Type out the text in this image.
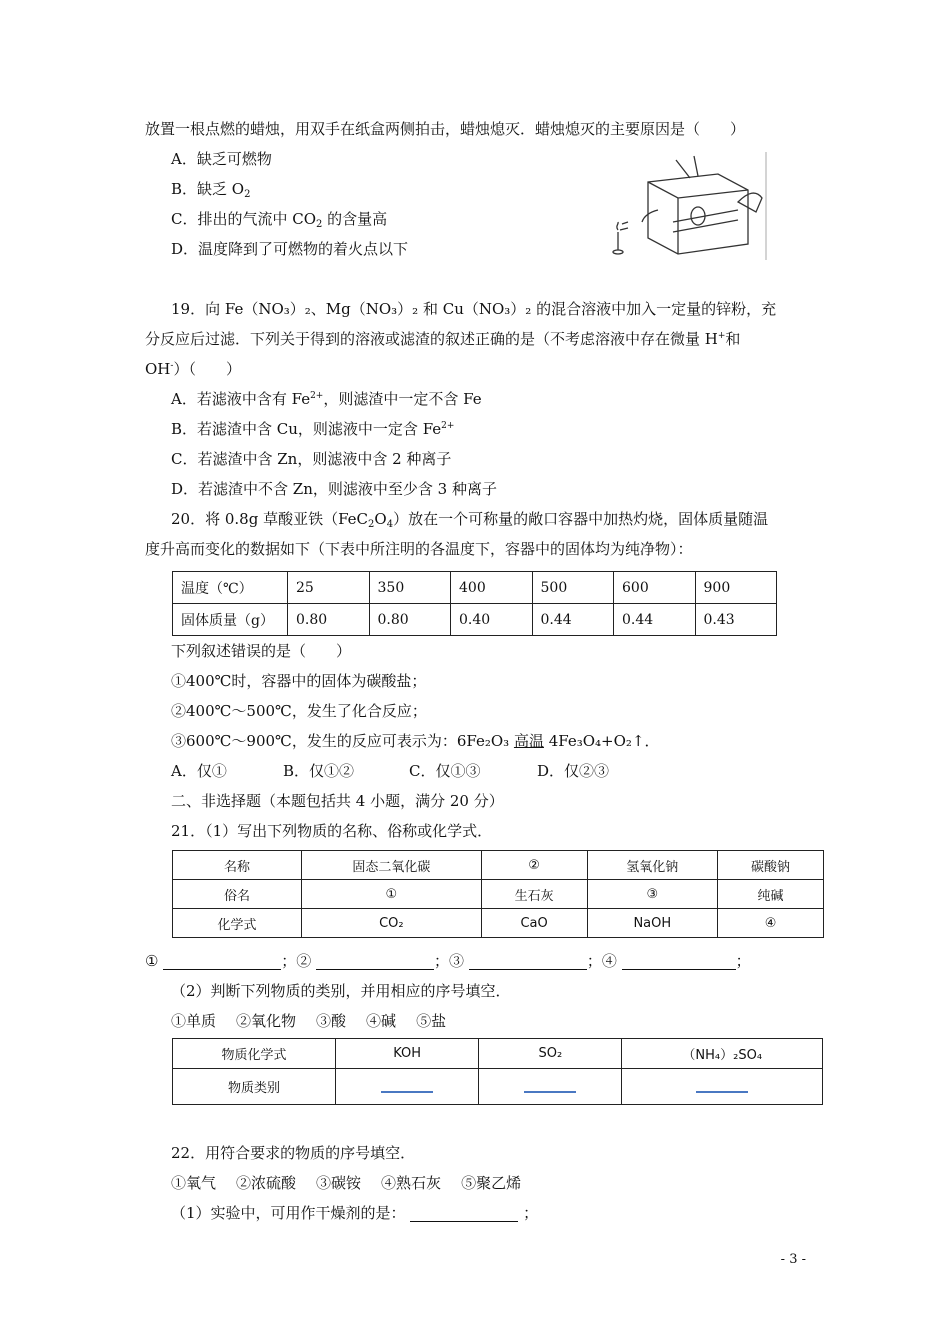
放置一根点燃的蜡烛，用双手在纸盒两侧拍击，蜡烛熄灭．蜡烛熄灭的主要原因是（　　）
A．缺乏可燃物
B．缺乏 $O_2$
C．排出的气流中 $CO_2$ 的含量高
D．温度降到了可燃物的着火点以下
19．向 Fe（NO₃）₂、Mg（NO₃）₂ 和 Cu（NO₃）₂ 的混合溶液中加入一定量的锌粉，充
分反应后过滤．下列关于得到的溶液或滤渣的叙述正确的是（不考虑溶液中存在微量 H+和
OH-）（　　）
A．若滤液中含有 $Fe^{2+}$，则滤渣中一定不含 Fe
B．若滤渣中含 Cu，则滤液中一定含 $Fe^{2+}$
C．若滤渣中含 Zn，则滤液中含 2 种离子
D．若滤渣中不含 Zn，则滤液中至少含 3 种离子
20．将 0.8g 草酸亚铁$(FeC_2O_4)$放在一个可称量的敞口容器中加热灼烧，固体质量随温
度升高而变化的数据如下（下表中所注明的各温度下，容器中的固体均为纯净物）：
温度（℃）	25	350	400	500	600	900
固体质量（g）	0.80	0.80	0.40	0.44	0.44	0.43
下列叙述错误的是（　　）
①400℃时，容器中的固体为碳酸盐；
②400℃～500℃，发生了化合反应；
③600℃～900℃，发生的反应可表示为：6Fe₂O₃ 高温 4Fe₃O₄+O₂↑．
A．仅①	B．仅①②	C．仅①③	D．仅②③
二、非选择题（本题包括共 4 小题，满分 20 分）
21．（1）写出下列物质的名称、俗称或化学式．
名称	固态二氧化碳	②	氢氧化钠	碳酸钠
俗名	①	生石灰	③	纯碱
化学式	CO₂	CaO	NaOH	④
①	；②	；③	；④	；
（2）判断下列物质的类别，并用相应的序号填空．
①单质 ②氧化物 ③酸 ④碱 ⑤盐
物质化学式	KOH	SO₂	（NH₄）₂SO₄
物质类别			
22．用符合要求的物质的序号填空．
①氧气 ②浓硫酸 ③碳铵 ④熟石灰 ⑤聚乙烯
（1）实验中，可用作干燥剂的是：	；
- 3 -
